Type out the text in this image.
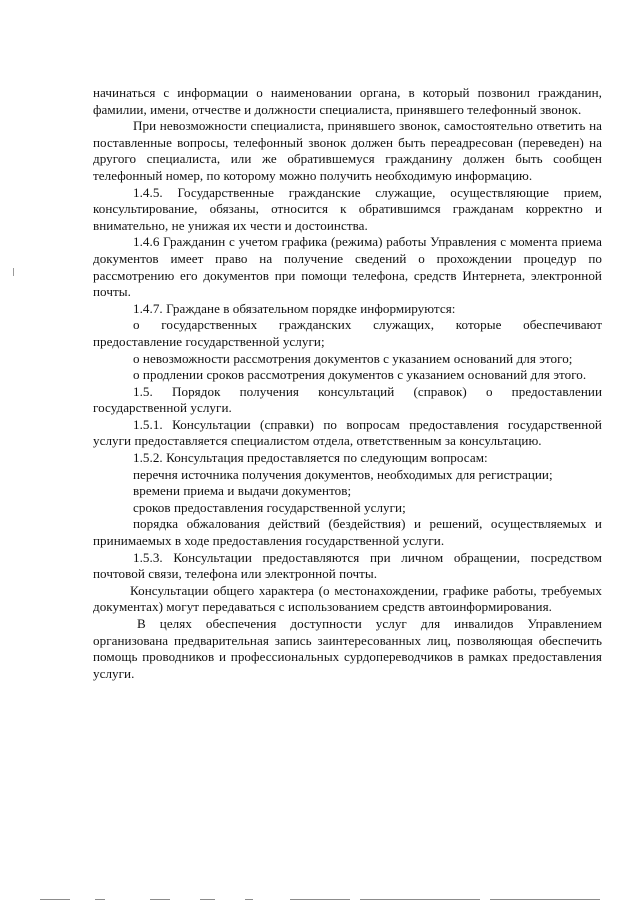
начинаться с информации о наименовании органа, в который позвонил гражданин, фамилии, имени, отчестве и должности специалиста, принявшего телефонный звонок.

При невозможности специалиста, принявшего звонок, самостоятельно ответить на поставленные вопросы, телефонный звонок должен быть переадресован (переведен) на другого специалиста, или же обратившемуся гражданину должен быть сообщен телефонный номер, по которому можно получить необходимую информацию.

1.4.5. Государственные гражданские служащие, осуществляющие прием, консультирование, обязаны, относится к обратившимся гражданам корректно и внимательно, не унижая их чести и достоинства.

1.4.6 Гражданин с учетом графика (режима) работы Управления с момента приема документов имеет право на получение сведений о прохождении процедур по рассмотрению его документов при помощи телефона, средств Интернета, электронной почты.

1.4.7. Граждане в обязательном порядке информируются:

о государственных гражданских служащих, которые обеспечивают предоставление государственной услуги;

о невозможности рассмотрения документов с указанием оснований для этого;

о продлении сроков рассмотрения документов с указанием оснований для этого.

1.5. Порядок получения консультаций (справок) о предоставлении государственной услуги.

1.5.1. Консультации (справки) по вопросам предоставления государственной услуги предоставляется специалистом отдела, ответственным за консультацию.

1.5.2. Консультация предоставляется по следующим вопросам:

перечня источника получения документов, необходимых для регистрации;

времени приема и выдачи документов;

сроков предоставления государственной услуги;

порядка обжалования действий (бездействия) и решений, осуществляемых и принимаемых в ходе предоставления государственной услуги.

1.5.3. Консультации предоставляются при личном обращении, посредством почтовой связи, телефона или электронной почты.

Консультации общего характера (о местонахождении, графике работы, требуемых документах) могут передаваться с использованием средств автоинформирования.

В целях обеспечения доступности услуг для инвалидов Управлением организована предварительная запись заинтересованных лиц, позволяющая обеспечить помощь проводников и профессиональных сурдопереводчиков в рамках предоставления услуги.
